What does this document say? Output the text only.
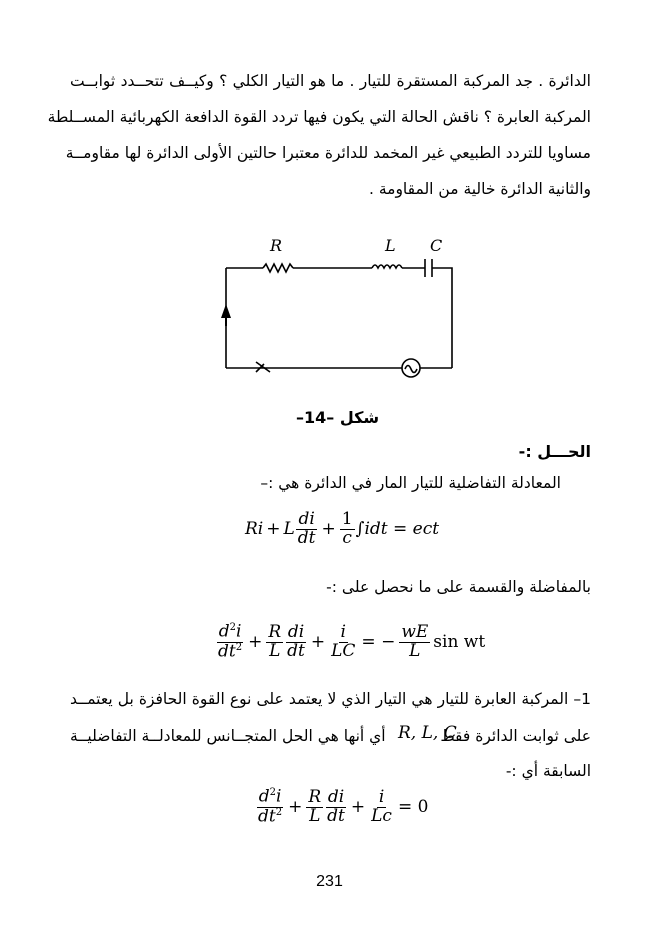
الدائرة . جد المركبة المستقرة للتيار . ما هو التيار الكلي ؟ وكيــف تتحــدد ثوابــت
المركبة العابرة ؟ ناقش الحالة التي يكون فيها تردد القوة الدافعة الكهربائية المســلطة
مساويا للتردد الطبيعي غير المخمد للدائرة معتبرا حالتين الأولى الدائرة لها مقاومــة
والثانية الدائرة خالية من المقاومة .
R	L C
شكل –14–
الحـــل :-
المعادلة التفاضلية للتيار المار في الدائرة هي :–
Ri + L $\frac{di}{dt} + \frac{1}{c} \int idt$ = ect
بالمفاضلة والقسمة على ما نحصل على :-
$\frac{d^2i}{dt^2} + \frac{R}{L} \frac{di}{dt} + \frac{i}{LC}$ = − $\frac{wE}{L}$ sin wt
1– المركبة العابرة للتيار هي التيار الذي لا يعتمد على نوع القوة الحافزة بل يعتمــد
على ثوابت الدائرة فقط
R, L, C
أي أنها هي الحل المتجــانس للمعادلــة التفاضليــة
السابقة أي :-
$\frac{d^2i}{dt^2} + \frac{R}{L} \frac{di}{dt} + \frac{i}{Lc} = 0$
231
